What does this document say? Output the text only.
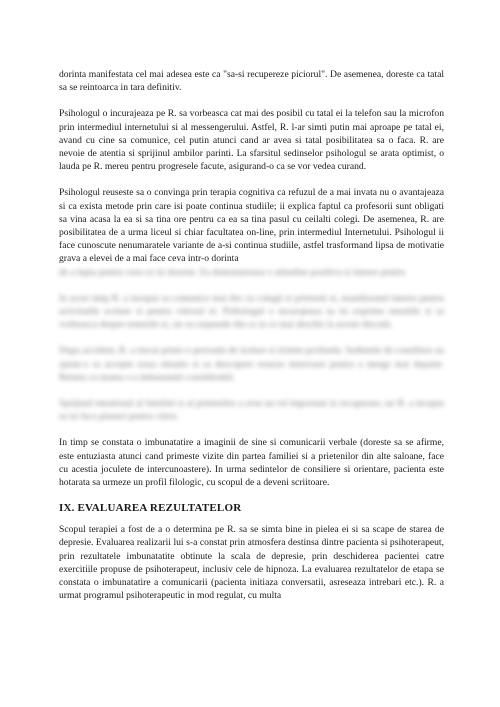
dorinta manifestata cel mai adesea este ca "sa-si recupereze piciorul". De asemenea, doreste ca tatal sa se reintoarca in tara definitiv.

Psihologul o incurajeaza pe R. sa vorbeasca cat mai des posibil cu tatal ei la telefon sau la microfon prin intermediul internetului si al messengerului. Astfel, R. l-ar simti putin mai aproape pe tatal ei, avand cu cine sa comunice, cel putin atunci cand ar avea si tatal posibilitatea sa o faca. R. are nevoie de atentia si sprijinul ambilor parinti. La sfarsitul sedinselor psihologul se arata optimist, o lauda pe R. mereu pentru progresele facute, asigurand-o ca se vor vedea curand.

Psihologul reuseste sa o convinga prin terapia cognitiva ca refuzul de a mai invata nu o avantajeaza si ca exista metode prin care isi poate continua studiile; ii explica faptul ca profesorii sunt obligati sa vina acasa la ea si sa tina ore pentru ca ea sa tina pasul cu ceilalti colegi. De asemenea, R. are posibilitatea de a urma liceul si chiar facultatea on-line, prin intermediul Internetului. Psihologul ii face cunoscute nenumaratele variante de a-si continua studiile, astfel trasformand lipsa de motivatie grava a elevei de a mai face ceva intr-o dorinta

de a lupta pentru ceea ce isi doreste. Ea demonstreaza o atitudine pozitiva si interes pentru

In acest timp R. a inceput sa comunice mai des cu colegii si prietenii ei, manifestand interes pentru activitatile scolare si pentru viitorul ei. Psihologul o incurajeaza sa isi exprime emotiile si sa vorbeasca despre temerile ei, iar ea raspunde din ce in ce mai deschis la aceste discutii.

Dupa accident, R. a trecut printr-o perioada de izolare si tristete profunda. Sedintele de consiliere au ajutat-o sa accepte noua situatie si sa descopere resurse interioare pentru a merge mai departe. Relatia cu mama s-a imbunatatit considerabil.

Sprijinul emotional al familiei si al prietenilor a avut un rol important in recuperare, iar R. a inceput sa isi faca planuri pentru viitor.

In timp se constata o imbunatatire a imaginii de sine si comunicarii verbale (doreste sa se afirme, este entuziasta atunci cand primeste vizite din partea familiei si a prietenilor din alte saloane, face cu acestia joculete de intercunoastere). In urma sedintelor de consiliere si orientare, pacienta este hotarata sa urmeze un profil filologic, cu scopul de a deveni scriitoare.

IX. EVALUAREA REZULTATELOR

Scopul terapiei a fost de a o determina pe R. sa se simta bine in pielea ei si sa scape de starea de depresie. Evaluarea realizarii lui s-a constat prin atmosfera destinsa dintre pacienta si psihoterapeut, prin rezultatele imbunatatite obtinute la scala de depresie, prin deschiderea pacientei catre exercitiile propuse de psihoterapeut, inclusiv cele de hipnoza. La evaluarea rezultatelor de etapa se constata o imbunatatire a comunicarii (pacienta initiaza conversatii, asreseaza intrebari etc.). R. a urmat programul psihoterapeutic in mod regulat, cu multa
